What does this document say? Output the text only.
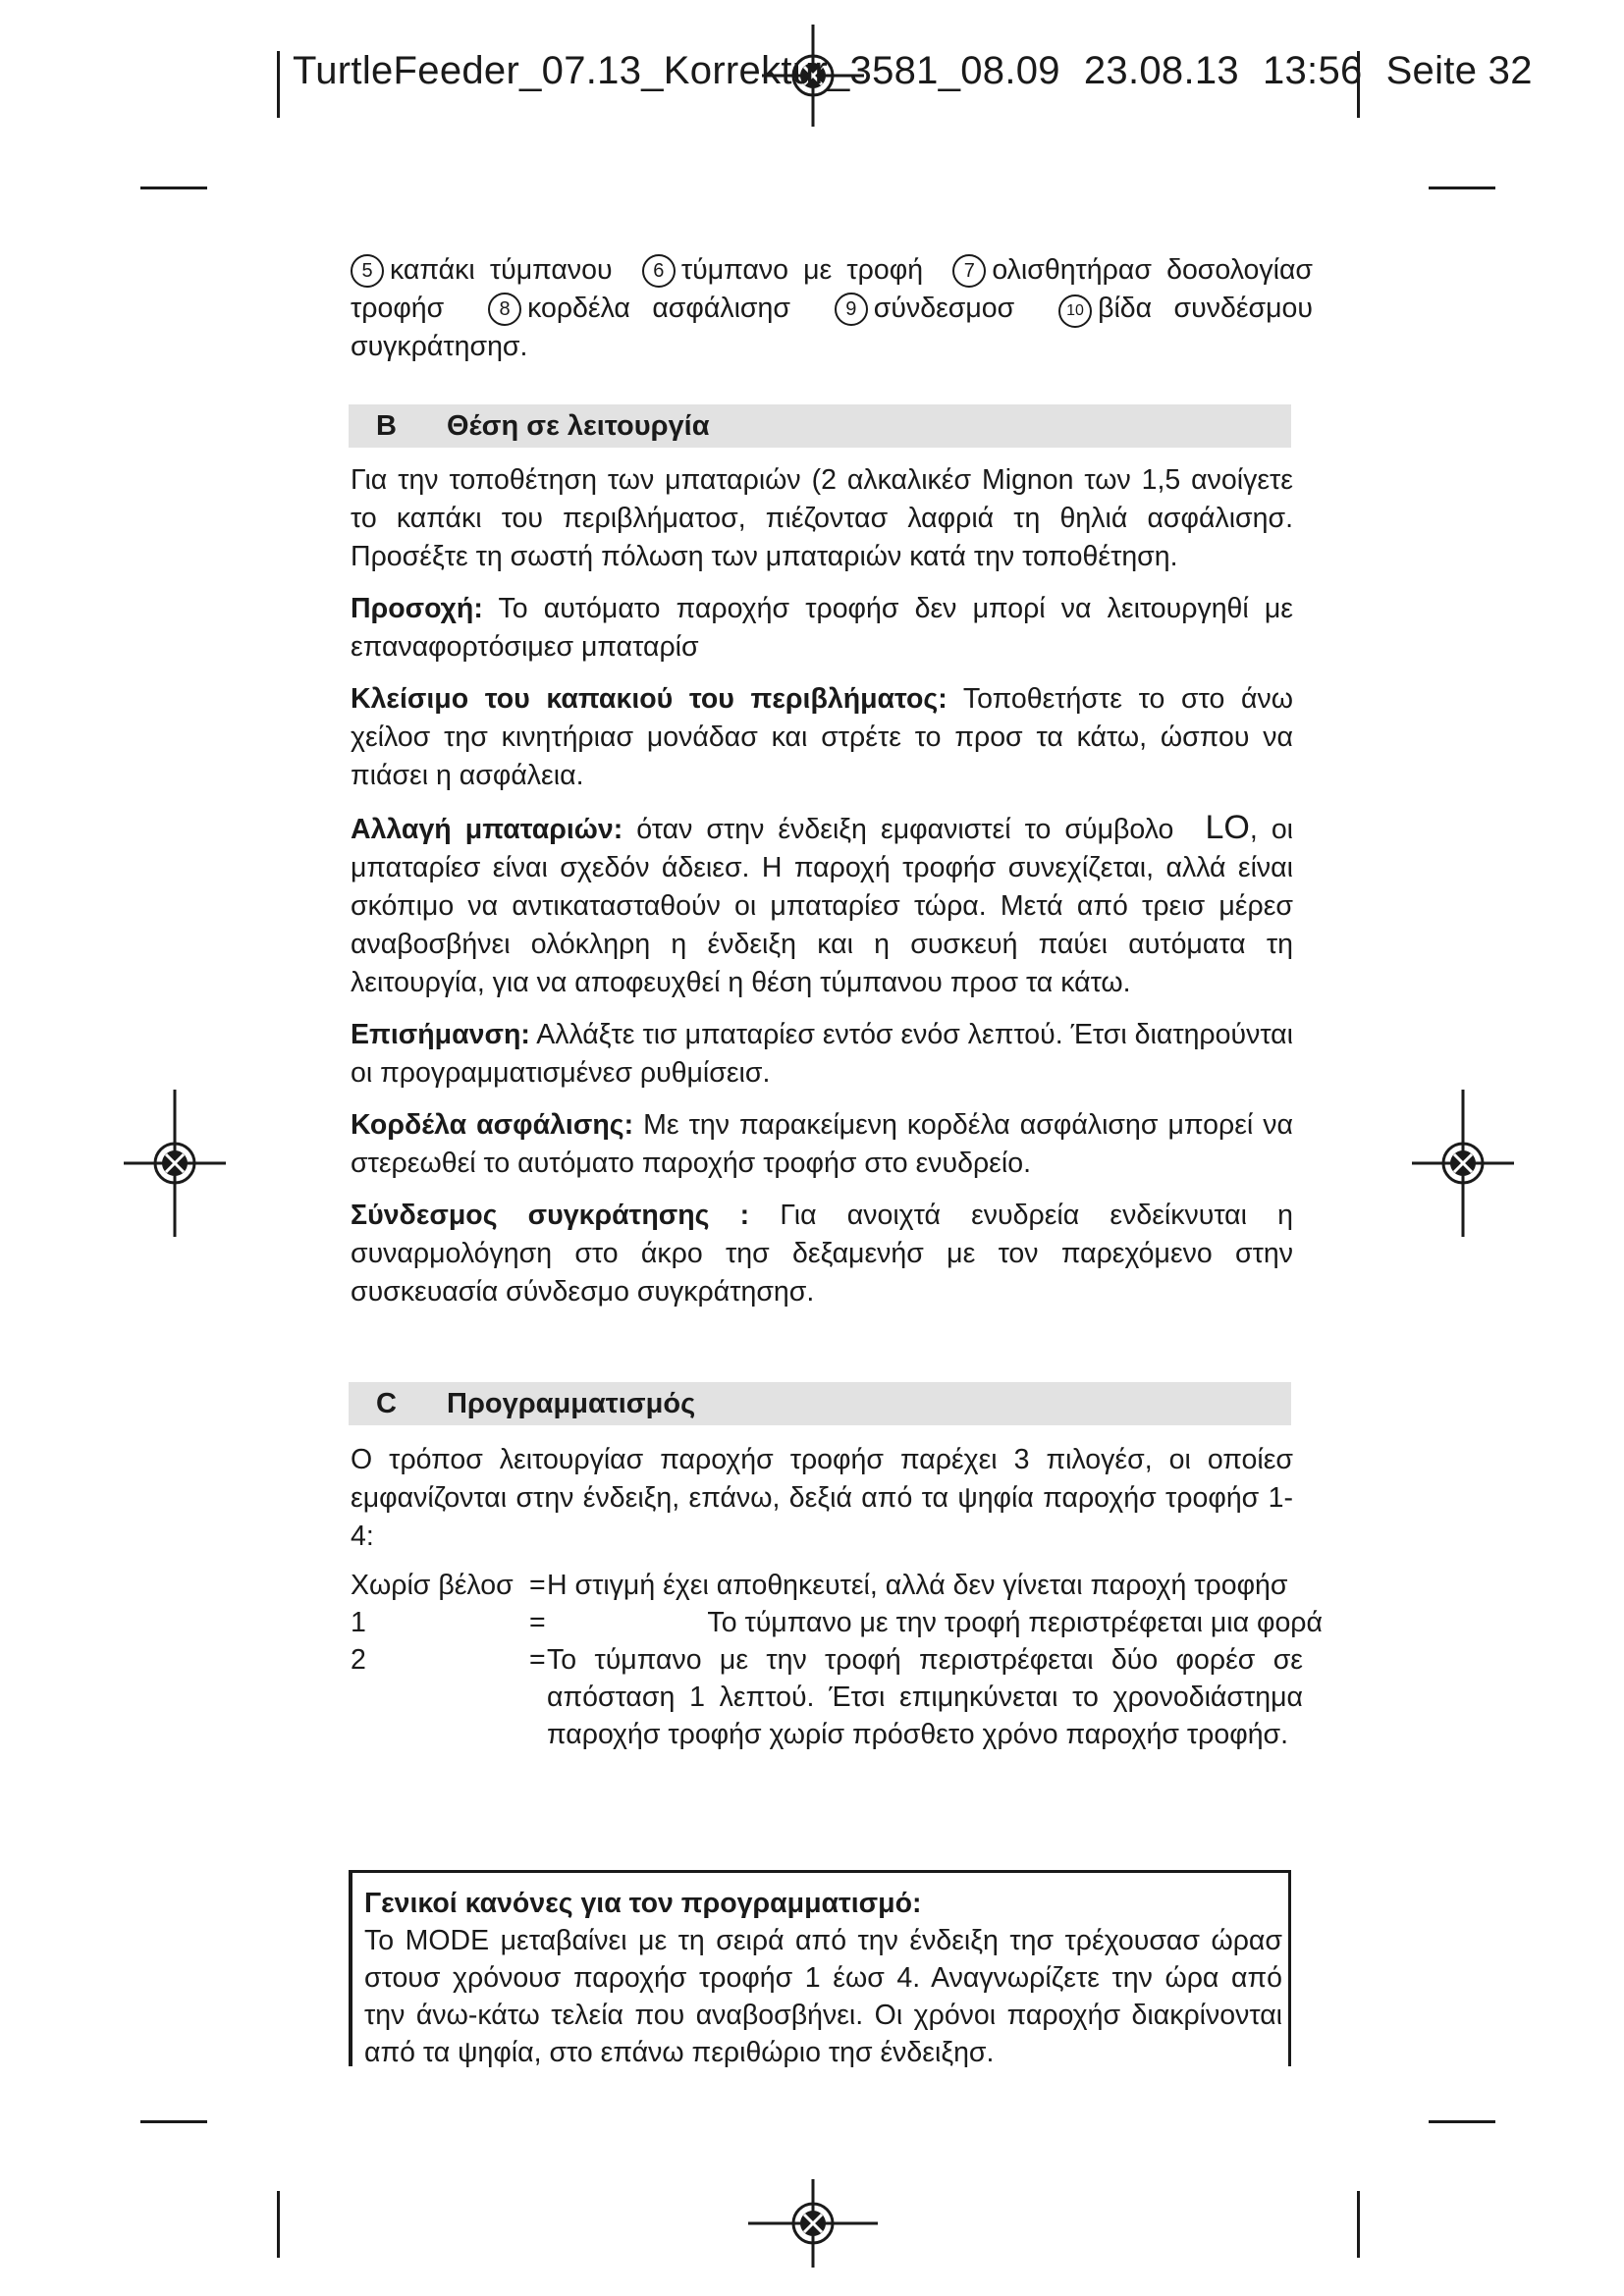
TurtleFeeder_07.13_Korrektur_3581_08.09 23.08.13 13:56 Seite 32

5 καπάκι τύμπανου 6 τύμπανο με τροφή 7 ολισθητήρασ δοσολογίασ τροφήσ	8 κορδέλα ασφάλισησ	9 σύνδεσμοσ	10 βίδα συνδέσμου συγκράτησησ.

B Θέση σε λειτουργία

Για την τοποθέτηση των μπαταριών (2 αλκαλικέσ Mignon των 1,5 ανοίγετε το καπάκι του περιβλήματοσ, πιέζοντασ λαφριά τη θηλιά ασφάλισησ. Προσέξτε τη σωστή πόλωση των μπαταριών κατά την τοποθέτηση.

Προσοχή: Το αυτόματο παροχήσ τροφήσ δεν μπορί να λειτουργηθί με επαναφορτόσιμεσ μπαταρίσ

Κλείσιμο του καπακιού του περιβλήματος: Τοποθετήστε το στο άνω χείλοσ τησ κινητήριασ μονάδασ και στρέτε το προσ τα κάτω, ώσπου να πιάσει η ασφάλεια.

Αλλαγή μπαταριών: όταν στην ένδειξη εμφανιστεί το σύμβολο LO, οι μπαταρίεσ είναι σχεδόν άδειεσ. Η παροχή τροφήσ συνεχίζεται, αλλά είναι σκόπιμο να αντικατασταθούν οι μπαταρίεσ τώρα. Μετά από τρεισ μέρεσ αναβοσβήνει ολόκληρη η ένδειξη και η συσκευή παύει αυτόματα τη λειτουργία, για να αποφευχθεί η θέση τύμπανου προσ τα κάτω.

Επισήμανση: Αλλάξτε τισ μπαταρίεσ εντόσ ενόσ λεπτού. Έτσι διατηρούνται οι προγραμματισμένεσ ρυθμίσεισ.

Κορδέλα ασφάλισης: Με την παρακείμενη κορδέλα ασφάλισησ μπορεί να στερεωθεί το αυτόματο παροχήσ τροφήσ στο ενυδρείο.

Σύνδεσμος συγκράτησης : Για ανοιχτά ενυδρεία ενδείκνυται η συναρμολόγηση στο άκρο τησ δεξαμενήσ με τον παρεχόμενο στην συσκευασία σύνδεσμο συγκράτησησ.

C Προγραμματισμός

Ο τρόποσ λειτουργίασ παροχήσ τροφήσ παρέχει 3 πιλογέσ, οι οποίεσ εμφανίζονται στην ένδειξη, επάνω, δεξιά από τα ψηφία παροχήσ τροφήσ 1-4:

Χωρίσ βέλοσ = Η στιγμή έχει αποθηκευτεί, αλλά δεν γίνεται παροχή τροφήσ
1	=	Το τύμπανο με την τροφή περιστρέφεται μια φορά
2	= Το τύμπανο με την τροφή περιστρέφεται δύο φορέσ σε απόσταση 1 λεπτού. Έτσι επιμηκύνεται το χρονοδιάστημα παροχήσ τροφήσ χωρίσ πρόσθετο χρόνο παροχήσ τροφήσ.
Γενικοί κανόνες για τον προγραμματισμό:
Το MODE μεταβαίνει με τη σειρά από την ένδειξη τησ τρέχουσασ ώρασ στουσ χρόνουσ παροχήσ τροφήσ 1 έωσ 4. Αναγνωρίζετε την ώρα από την άνω-κάτω τελεία που αναβοσβήνει. Οι χρόνοι παροχήσ διακρίνονται από τα ψηφία, στο επάνω περιθώριο τησ ένδειξησ.
